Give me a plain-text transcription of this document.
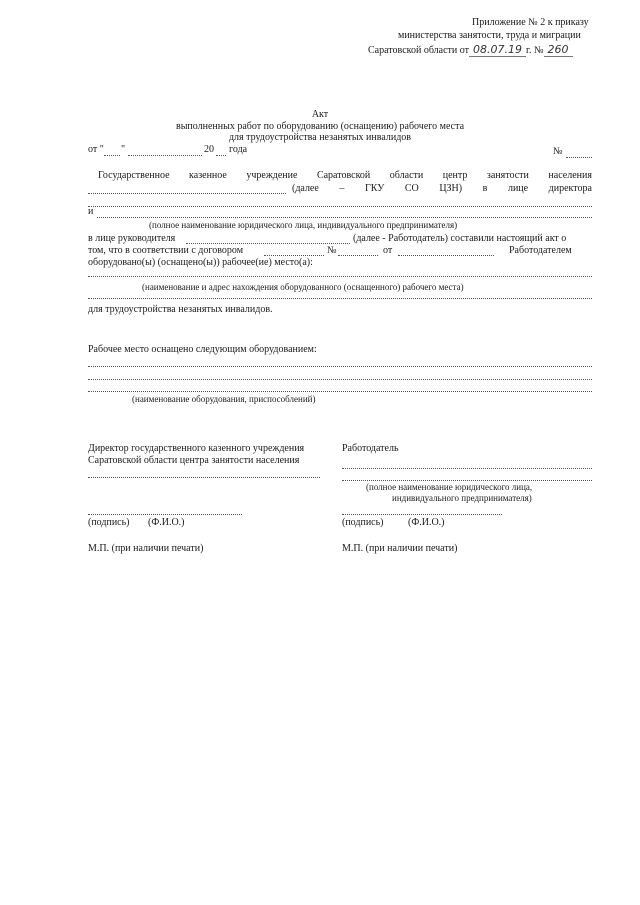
Приложение № 2 к приказу
министерства занятости, труда и миграции
Саратовской области от 08.07.19 г. № 260
Акт
выполненных работ по оборудованию (оснащению) рабочего места
для трудоустройства незанятых инвалидов
от " "	20 года	№
Государственное казенное учреждение Саратовской области центр занятости населения
(далее – ГКУ СО ЦЗН) в лице директора
и
(полное наименование юридического лица, индивидуального предпринимателя)
в лице руководителя	(далее - Работодатель) составили настоящий акт о
том, что в соответствии с договором	№	от	Работодателем
оборудовано(ы) (оснащено(ы)) рабочее(ие) место(а):
(наименование и адрес нахождения оборудованного (оснащенного) рабочего места)
для трудоустройства незанятых инвалидов.
Рабочее место оснащено следующим оборудованием:
(наименование оборудования, приспособлений)
Директор государственного казенного учреждения
Саратовской области центра занятости населения
Работодатель
(полное наименование юридического лица,
индивидуального предпринимателя)
(подпись) (Ф.И.О.)	(подпись) (Ф.И.О.)
М.П. (при наличии печати)	М.П. (при наличии печати)
